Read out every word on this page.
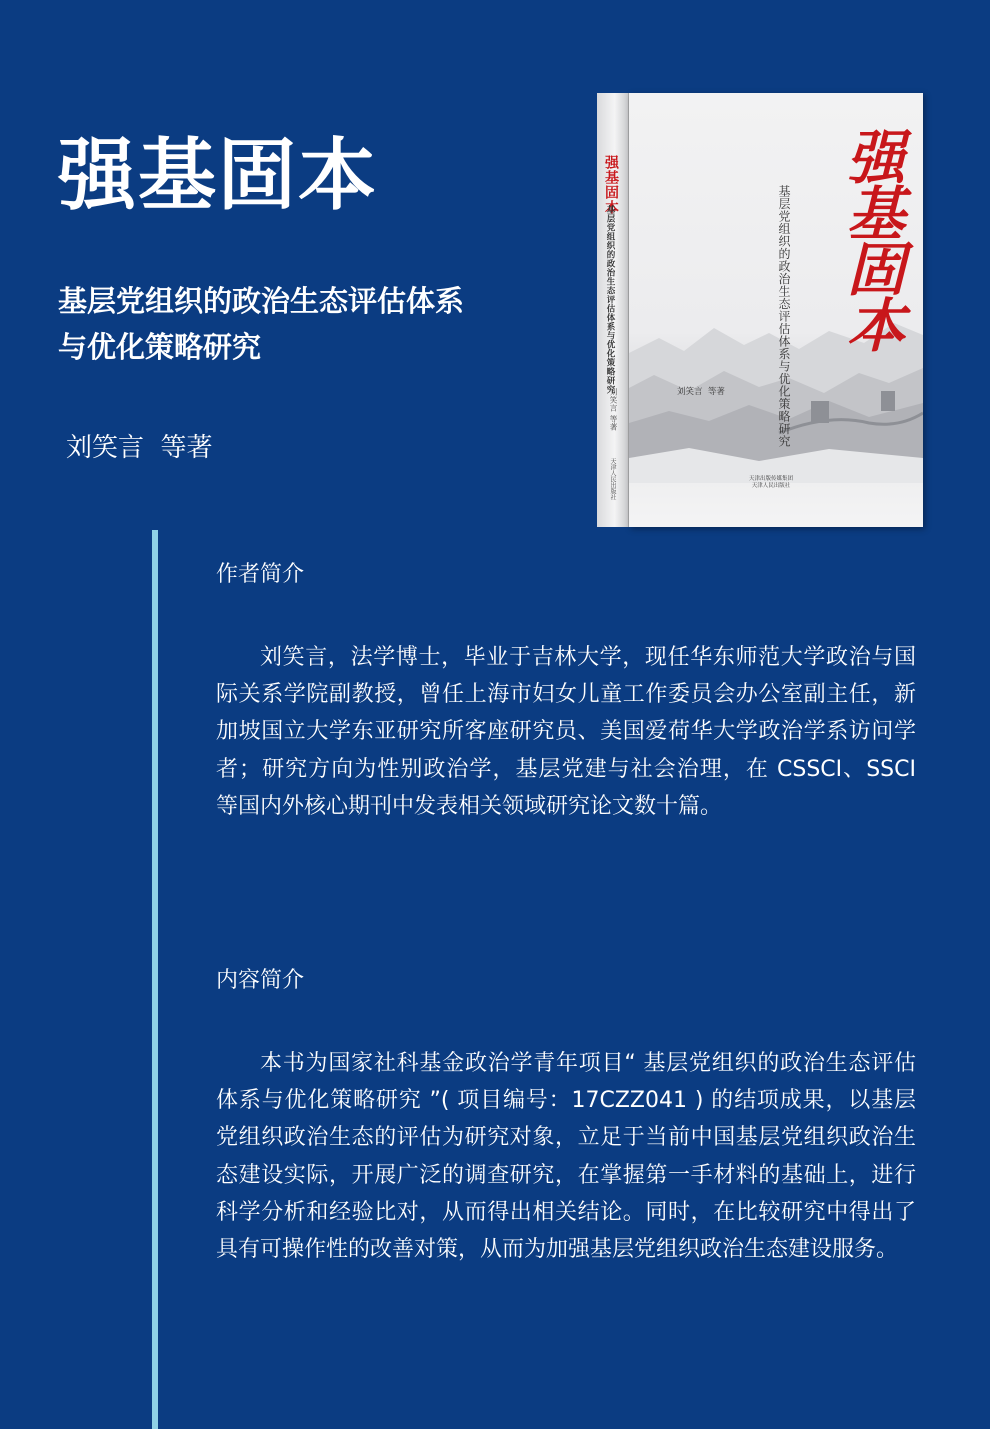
强基固本
基层党组织的政治生态评估体系
与优化策略研究
刘笑言  等著
强基固本
基层党组织的政治生态评估体系与优化策略研究
刘笑言 等著
天津人民出版社
强基固本
基层党组织的政治生态评估体系与优化策略研究
刘笑言  等著
天津出版传媒集团
天津人民出版社
作者简介
刘笑言，法学博士，毕业于吉林大学，现任华东师范大学政治与国际关系学院副教授，曾任上海市妇女儿童工作委员会办公室副主任，新加坡国立大学东亚研究所客座研究员、美国爱荷华大学政治学系访问学者；研究方向为性别政治学，基层党建与社会治理，在 CSSCI、SSCI 等国内外核心期刊中发表相关领域研究论文数十篇。
内容简介
本书为国家社科基金政治学青年项目“ 基层党组织的政治生态评估体系与优化策略研究 ”( 项目编号：17CZZ041 ) 的结项成果，以基层党组织政治生态的评估为研究对象，立足于当前中国基层党组织政治生态建设实际，开展广泛的调查研究，在掌握第一手材料的基础上，进行科学分析和经验比对，从而得出相关结论。同时，在比较研究中得出了具有可操作性的改善对策，从而为加强基层党组织政治生态建设服务。
